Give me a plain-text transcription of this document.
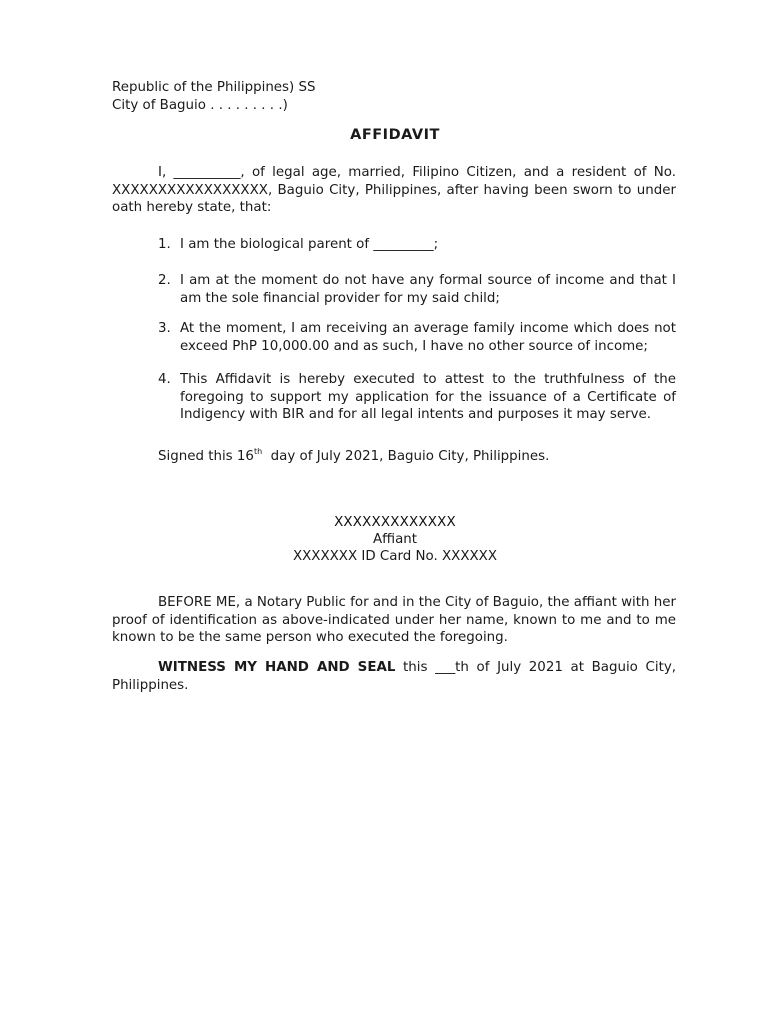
Republic of the Philippines) SS

City of Baguio . . . . . . . . .)

AFFIDAVIT

I, __________, of legal age, married, Filipino Citizen, and a resident of No. XXXXXXXXXXXXXXXXX, Baguio City, Philippines, after having been sworn to under oath hereby state, that:

1. I am the biological parent of _________;
2. I am at the moment do not have any formal source of income and that I am the sole financial provider for my said child;
3. At the moment, I am receiving an average family income which does not exceed PhP 10,000.00 and as such, I have no other source of income;
4. This Affidavit is hereby executed to attest to the truthfulness of the foregoing to support my application for the issuance of a Certificate of Indigency with BIR and for all legal intents and purposes it may serve.

Signed this 16th  day of July 2021, Baguio City, Philippines.

XXXXXXXXXXXXX
Affiant
XXXXXXX ID Card No. XXXXXX

BEFORE ME, a Notary Public for and in the City of Baguio, the affiant with her proof of identification as above-indicated under her name, known to me and to me known to be the same person who executed the foregoing.

WITNESS MY HAND AND SEAL this ___th of July 2021 at Baguio City, Philippines.
